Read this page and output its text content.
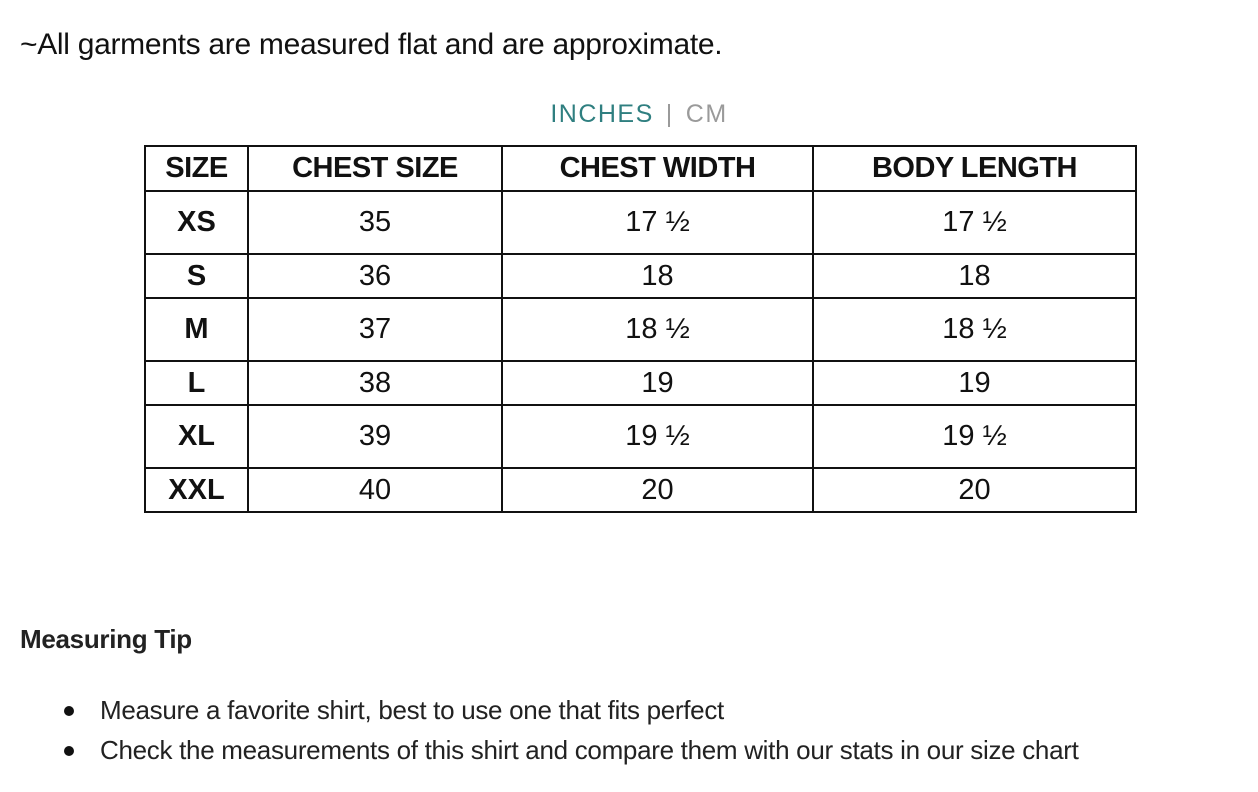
~All garments are measured flat and are approximate.
INCHES | CM
SIZE	CHEST SIZE	CHEST WIDTH	BODY LENGTH
XS	35	17 ½	17 ½
S	36	18	18
M	37	18 ½	18 ½
L	38	19	19
XL	39	19 ½	19 ½
XXL	40	20	20
Measuring Tip
Measure a favorite shirt, best to use one that fits perfect
Check the measurements of this shirt and compare them with our stats in our size chart
